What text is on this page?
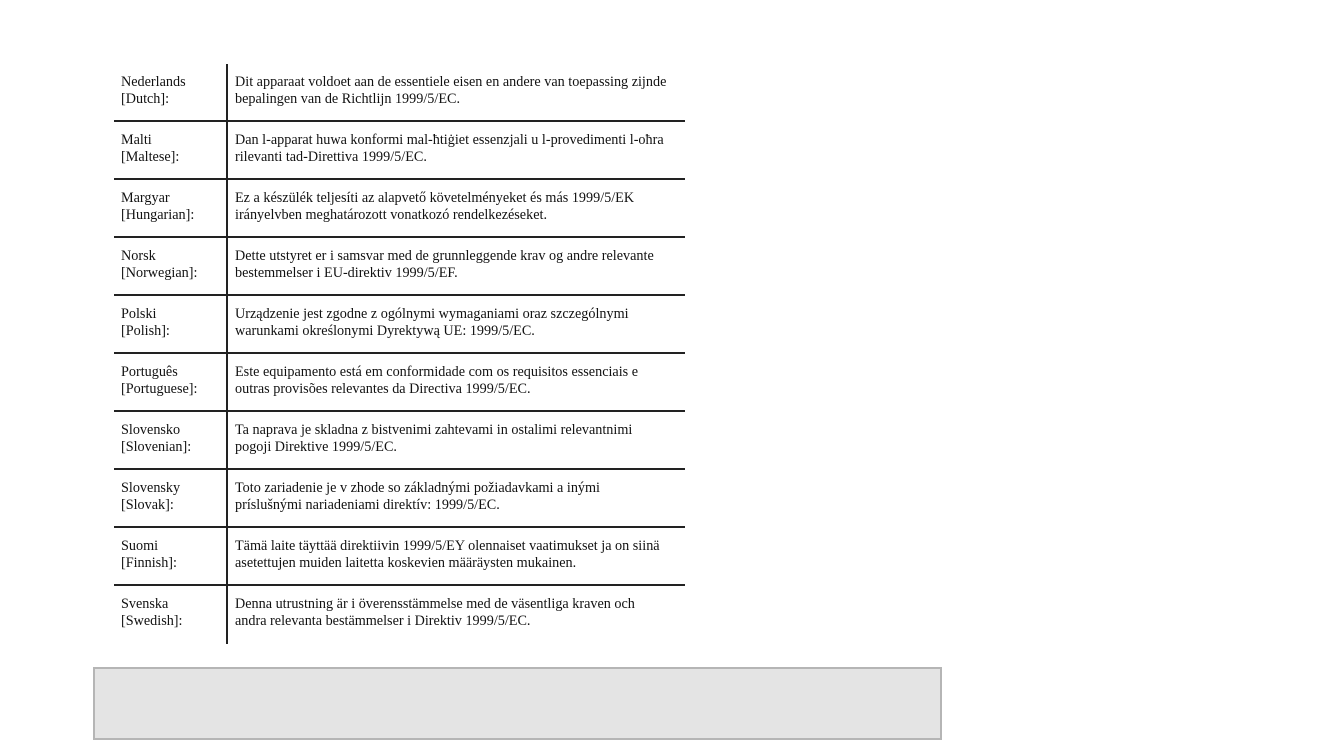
Nederlands
[Dutch]:
Dit apparaat voldoet aan de essentiele eisen en andere van toepassing zijnde
bepalingen van de Richtlijn 1999/5/EC.
Malti
[Maltese]:
Dan l-apparat huwa konformi mal-ħtiġiet essenzjali u l-provedimenti l-oħra
rilevanti tad-Direttiva 1999/5/EC.
Margyar
[Hungarian]:
Ez a készülék teljesíti az alapvető követelményeket és más 1999/5/EK
irányelvben meghatározott vonatkozó rendelkezéseket.
Norsk
[Norwegian]:
Dette utstyret er i samsvar med de grunnleggende krav og andre relevante
bestemmelser i EU-direktiv 1999/5/EF.
Polski
[Polish]:
Urządzenie jest zgodne z ogólnymi wymaganiami oraz szczególnymi
warunkami określonymi Dyrektywą UE: 1999/5/EC.
Português
[Portuguese]:
Este equipamento está em conformidade com os requisitos essenciais e
outras provisões relevantes da Directiva 1999/5/EC.
Slovensko
[Slovenian]:
Ta naprava je skladna z bistvenimi zahtevami in ostalimi relevantnimi
pogoji Direktive 1999/5/EC.
Slovensky
[Slovak]:
Toto zariadenie je v zhode so základnými požiadavkami a inými
príslušnými nariadeniami direktív: 1999/5/EC.
Suomi
[Finnish]:
Tämä laite täyttää direktiivin 1999/5/EY olennaiset vaatimukset ja on siinä
asetettujen muiden laitetta koskevien määräysten mukainen.
Svenska
[Swedish]:
Denna utrustning är i överensstämmelse med de väsentliga kraven och
andra relevanta bestämmelser i Direktiv 1999/5/EC.
